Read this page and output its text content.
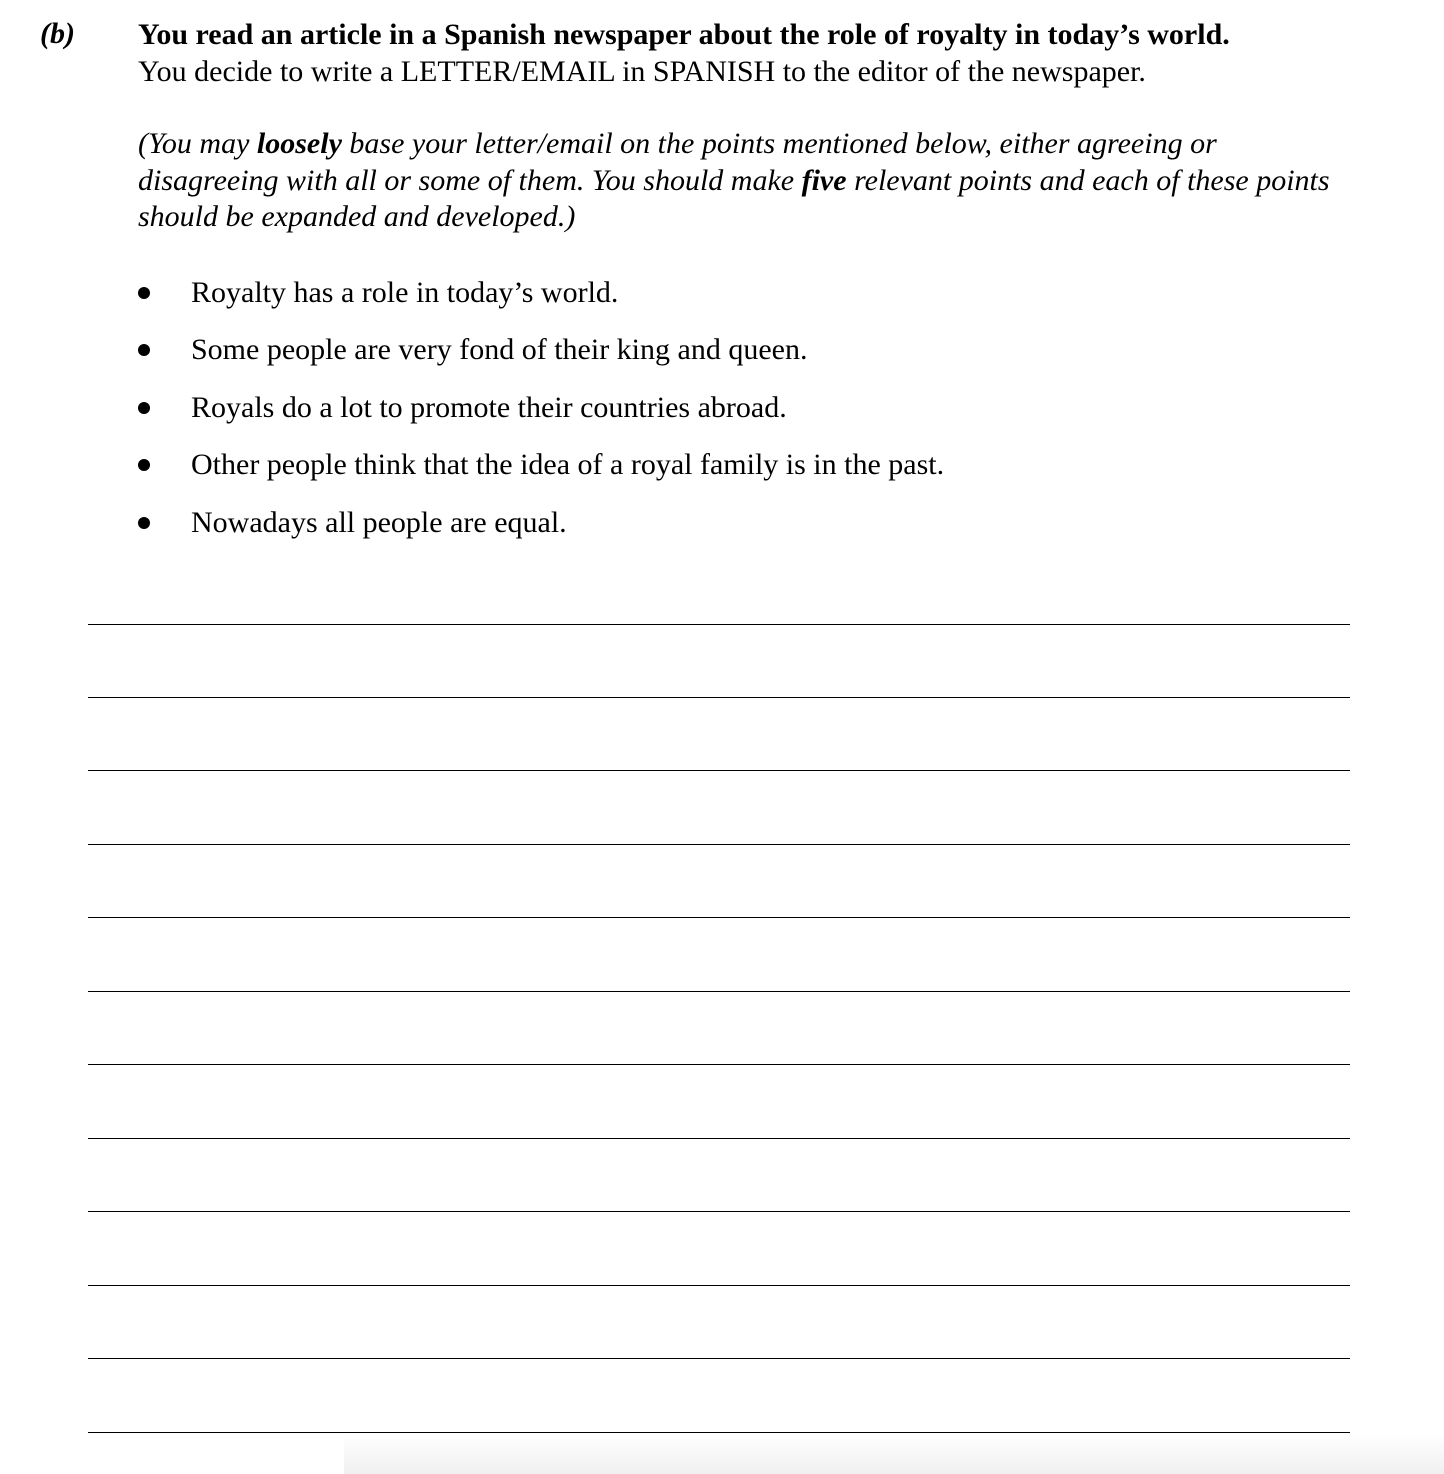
(b) You read an article in a Spanish newspaper about the role of royalty in today’s world.
You decide to write a LETTER/EMAIL in SPANISH to the editor of the newspaper.
(You may loosely base your letter/email on the points mentioned below, either agreeing or disagreeing with all or some of them. You should make five relevant points and each of these points should be expanded and developed.)
Royalty has a role in today’s world.
Some people are very fond of their king and queen.
Royals do a lot to promote their countries abroad.
Other people think that the idea of a royal family is in the past.
Nowadays all people are equal.
